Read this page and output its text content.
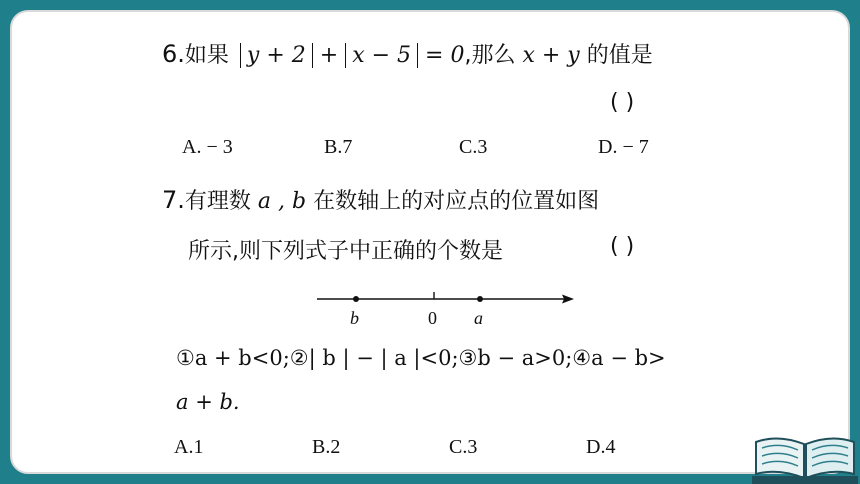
6.如果 y + 2 + x − 5 = 0,那么 x + y 的值是
( )
A. − 3	B.7	C.3	D. − 7
7.有理数 a , b 在数轴上的对应点的位置如图
所示,则下列式子中正确的个数是	( )
b	0 a
①a + b<0;②| b | − | a |<0;③b − a>0;④a − b>
a + b.
A.1	B.2	C.3	D.4
